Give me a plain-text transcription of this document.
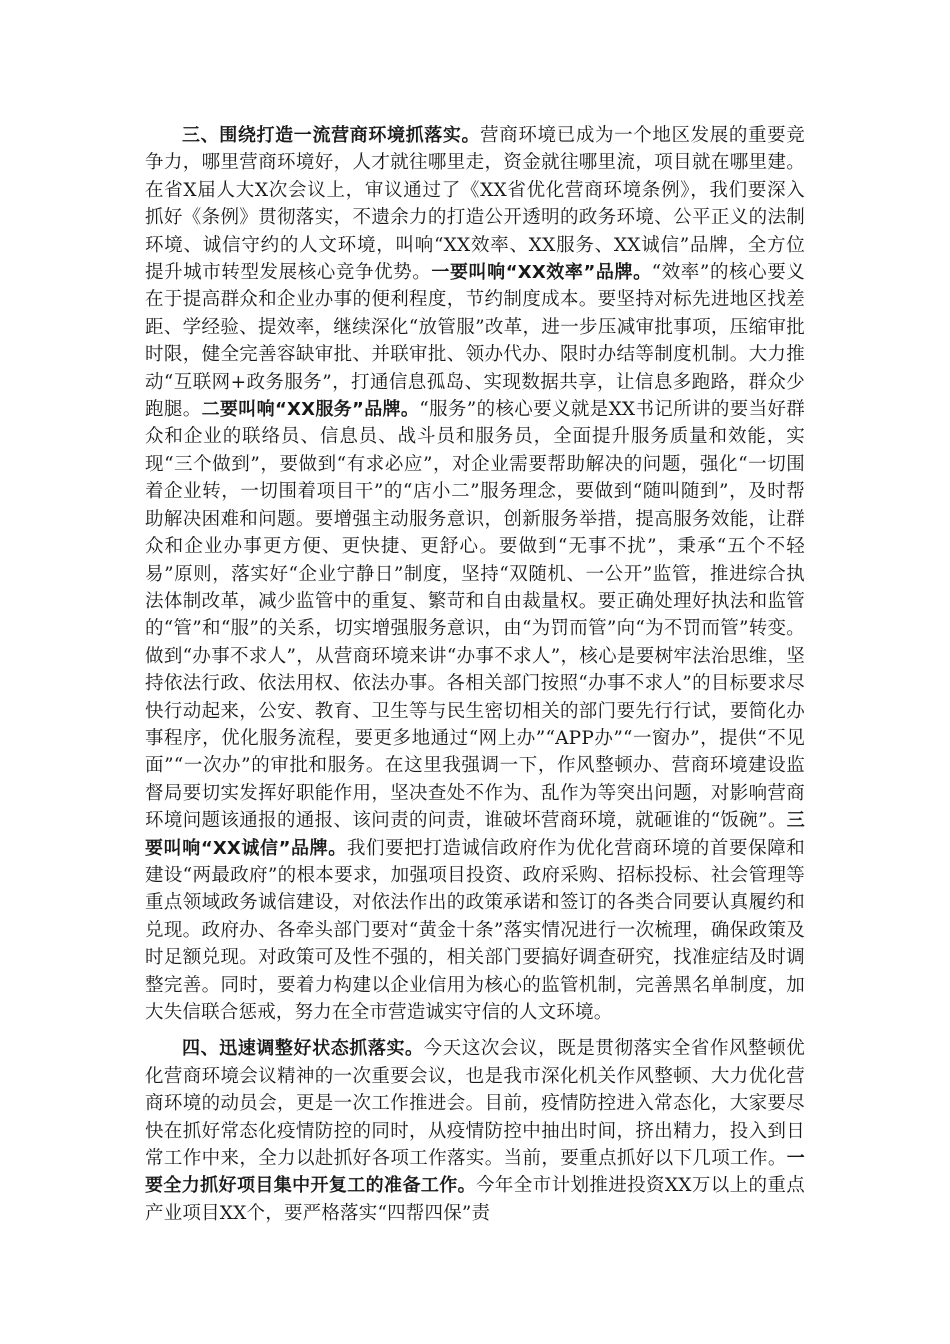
三、围绕打造一流营商环境抓落实。营商环境已成为一个地区发展的重要竞争力，哪里营商环境好，人才就往哪里走，资金就往哪里流，项目就在哪里建。在省X届人大X次会议上，审议通过了《XX省优化营商环境条例》，我们要深入抓好《条例》贯彻落实，不遗余力的打造公开透明的政务环境、公平正义的法制环境、诚信守约的人文环境，叫响“XX效率、XX服务、XX诚信”品牌，全方位提升城市转型发展核心竞争优势。一要叫响“XX效率”品牌。“效率”的核心要义在于提高群众和企业办事的便利程度，节约制度成本。要坚持对标先进地区找差距、学经验、提效率，继续深化“放管服”改革，进一步压减审批事项，压缩审批时限，健全完善容缺审批、并联审批、领办代办、限时办结等制度机制。大力推动“互联网+政务服务”，打通信息孤岛、实现数据共享，让信息多跑路，群众少跑腿。二要叫响“XX服务”品牌。“服务”的核心要义就是XX书记所讲的要当好群众和企业的联络员、信息员、战斗员和服务员，全面提升服务质量和效能，实现“三个做到”，要做到“有求必应”，对企业需要帮助解决的问题，强化“一切围着企业转，一切围着项目干”的“店小二”服务理念，要做到“随叫随到”，及时帮助解决困难和问题。要增强主动服务意识，创新服务举措，提高服务效能，让群众和企业办事更方便、更快捷、更舒心。要做到“无事不扰”，秉承“五个不轻易”原则，落实好“企业宁静日”制度，坚持“双随机、一公开”监管，推进综合执法体制改革，减少监管中的重复、繁苛和自由裁量权。要正确处理好执法和监管的“管”和“服”的关系，切实增强服务意识，由“为罚而管”向“为不罚而管”转变。做到“办事不求人”，从营商环境来讲“办事不求人”，核心是要树牢法治思维，坚持依法行政、依法用权、依法办事。各相关部门按照“办事不求人”的目标要求尽快行动起来，公安、教育、卫生等与民生密切相关的部门要先行行试，要简化办事程序，优化服务流程，要更多地通过“网上办”“APP办”“一窗办”，提供“不见面”“一次办”的审批和服务。在这里我强调一下，作风整顿办、营商环境建设监督局要切实发挥好职能作用，坚决查处不作为、乱作为等突出问题，对影响营商环境问题该通报的通报、该问责的问责，谁破坏营商环境，就砸谁的“饭碗”。三要叫响“XX诚信”品牌。我们要把打造诚信政府作为优化营商环境的首要保障和建设“两最政府”的根本要求，加强项目投资、政府采购、招标投标、社会管理等重点领域政务诚信建设，对依法作出的政策承诺和签订的各类合同要认真履约和兑现。政府办、各牵头部门要对“黄金十条”落实情况进行一次梳理，确保政策及时足额兑现。对政策可及性不强的，相关部门要搞好调查研究，找准症结及时调整完善。同时，要着力构建以企业信用为核心的监管机制，完善黑名单制度，加大失信联合惩戒，努力在全市营造诚实守信的人文环境。

四、迅速调整好状态抓落实。今天这次会议，既是贯彻落实全省作风整顿优化营商环境会议精神的一次重要会议，也是我市深化机关作风整顿、大力优化营商环境的动员会，更是一次工作推进会。目前，疫情防控进入常态化，大家要尽快在抓好常态化疫情防控的同时，从疫情防控中抽出时间，挤出精力，投入到日常工作中来，全力以赴抓好各项工作落实。当前，要重点抓好以下几项工作。一要全力抓好项目集中开复工的准备工作。今年全市计划推进投资XX万以上的重点产业项目XX个，要严格落实“四帮四保”责
